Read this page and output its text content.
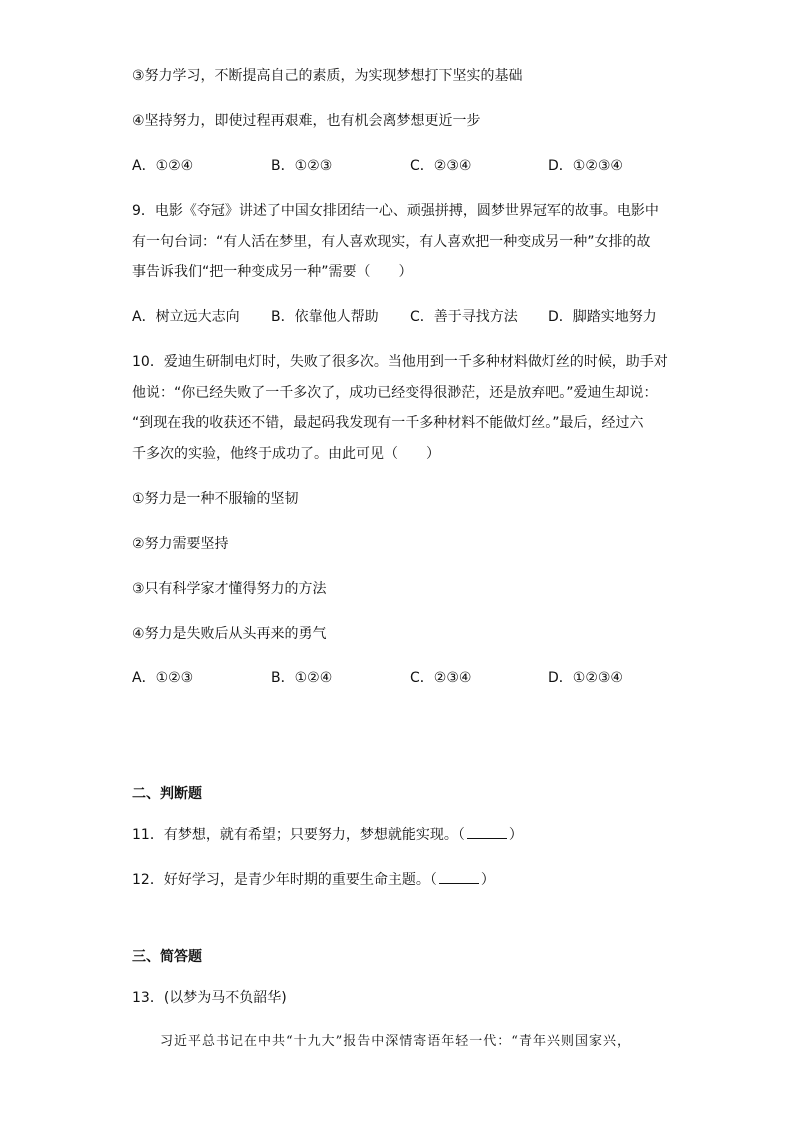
③努力学习，不断提高自己的素质，为实现梦想打下坚实的基础
④坚持努力，即使过程再艰难，也有机会离梦想更近一步
A．①②④	B．①②③	C．②③④	D．①②③④
9．电影《夺冠》讲述了中国女排团结一心、顽强拼搏，圆梦世界冠军的故事。电影中
有一句台词：“有人活在梦里，有人喜欢现实，有人喜欢把一种变成另一种”女排的故
事告诉我们“把一种变成另一种”需要（　　）
A．树立远大志向 B．依靠他人帮助 C．善于寻找方法 D．脚踏实地努力
10．爱迪生研制电灯时，失败了很多次。当他用到一千多种材料做灯丝的时候，助手对
他说：“你已经失败了一千多次了，成功已经变得很渺茫，还是放弃吧。”爱迪生却说：
“到现在我的收获还不错，最起码我发现有一千多种材料不能做灯丝。”最后，经过六
千多次的实验，他终于成功了。由此可见（　　）
①努力是一种不服输的坚韧
②努力需要坚持
③只有科学家才懂得努力的方法
④努力是失败后从头再来的勇气
A．①②③	B．①②④	C．②③④	D．①②③④
二、判断题
11．有梦想，就有希望；只要努力，梦想就能实现。（	）
12．好好学习，是青少年时期的重要生命主题。（	）
三、简答题
13．(以梦为马不负韶华)
习近平总书记在中共“十九大”报告中深情寄语年轻一代：“青年兴则国家兴，
